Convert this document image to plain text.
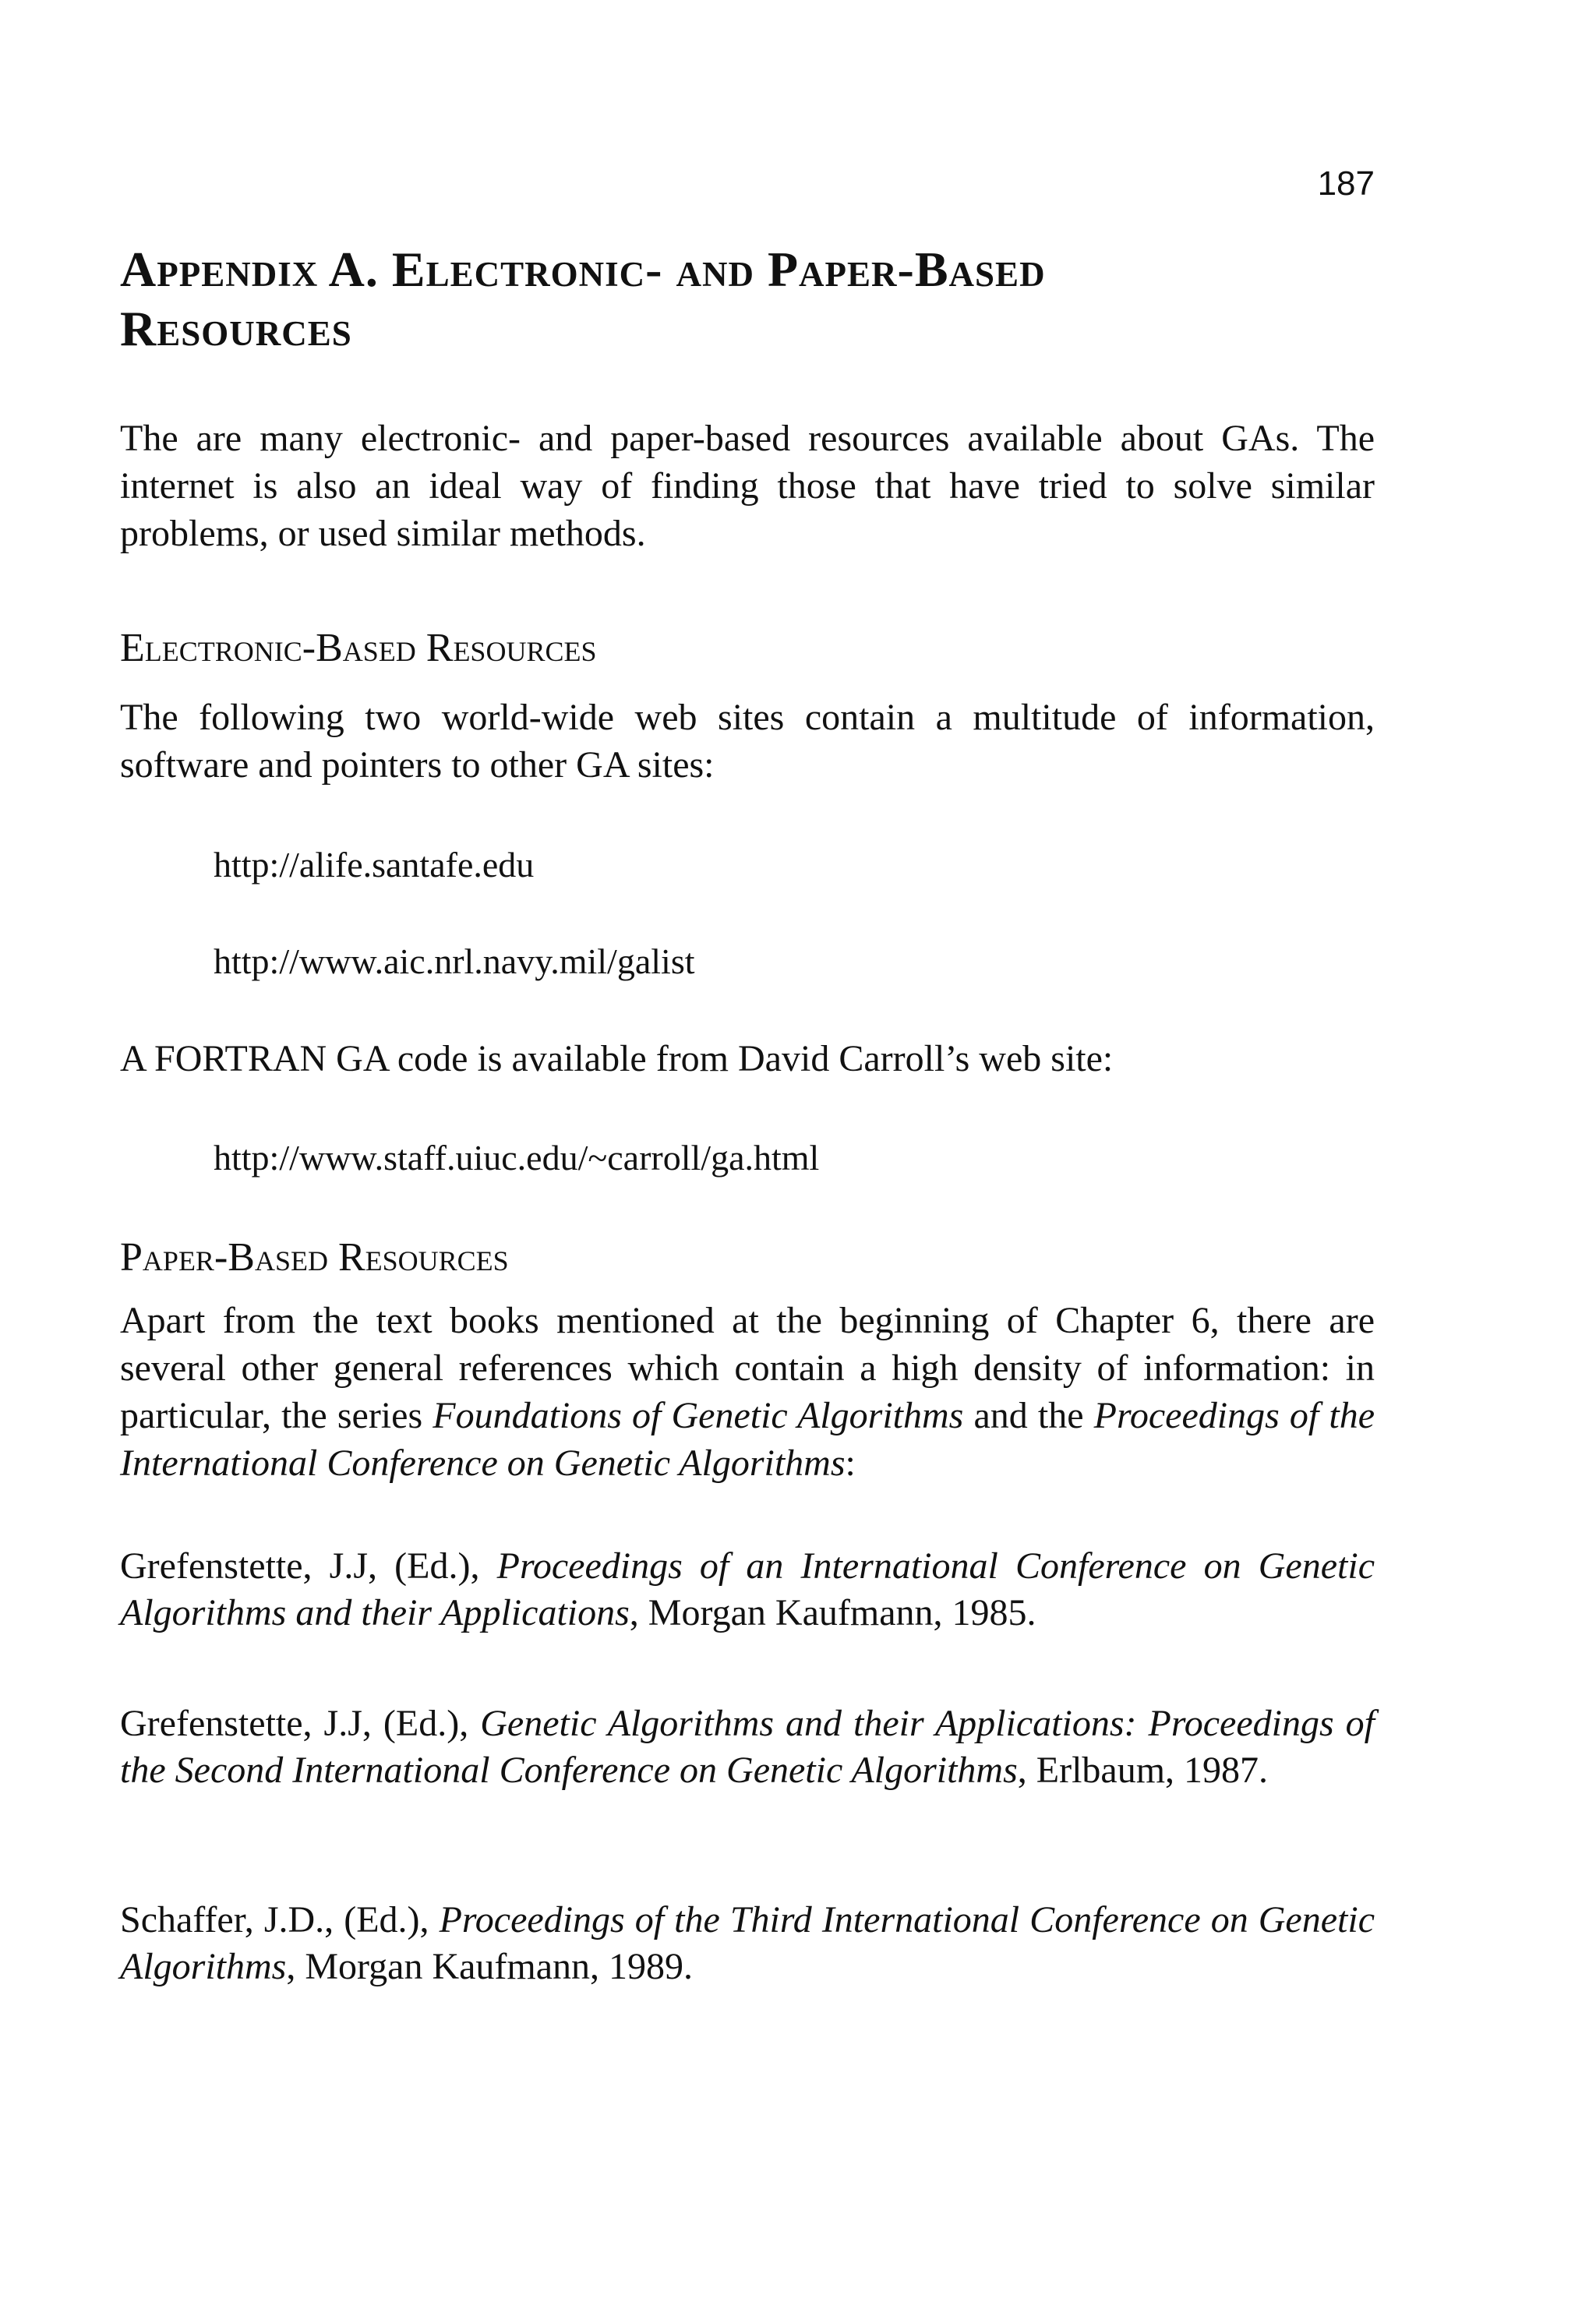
187
Appendix A. Electronic- and Paper-Based
Resources

The are many electronic- and paper-based resources available about GAs. The internet is also an ideal way of finding those that have tried to solve similar problems, or used similar methods.

Electronic-Based Resources

The following two world-wide web sites contain a multitude of information, software and pointers to other GA sites:

http://alife.santafe.edu
http://www.aic.nrl.navy.mil/galist

A FORTRAN GA code is available from David Carroll’s web site:

http://www.staff.uiuc.edu/~carroll/ga.html
Paper-Based Resources

Apart from the text books mentioned at the beginning of Chapter 6, there are several other general references which contain a high density of information: in particular, the series Foundations of Genetic Algorithms and the Proceedings of the International Conference on Genetic Algorithms:

Grefenstette, J.J, (Ed.), Proceedings of an International Conference on Genetic Algorithms and their Applications, Morgan Kaufmann, 1985.

Grefenstette, J.J, (Ed.), Genetic Algorithms and their Applications: Proceedings of the Second International Conference on Genetic Algorithms, Erlbaum, 1987.

Schaffer, J.D., (Ed.), Proceedings of the Third International Conference on Genetic Algorithms, Morgan Kaufmann, 1989.
